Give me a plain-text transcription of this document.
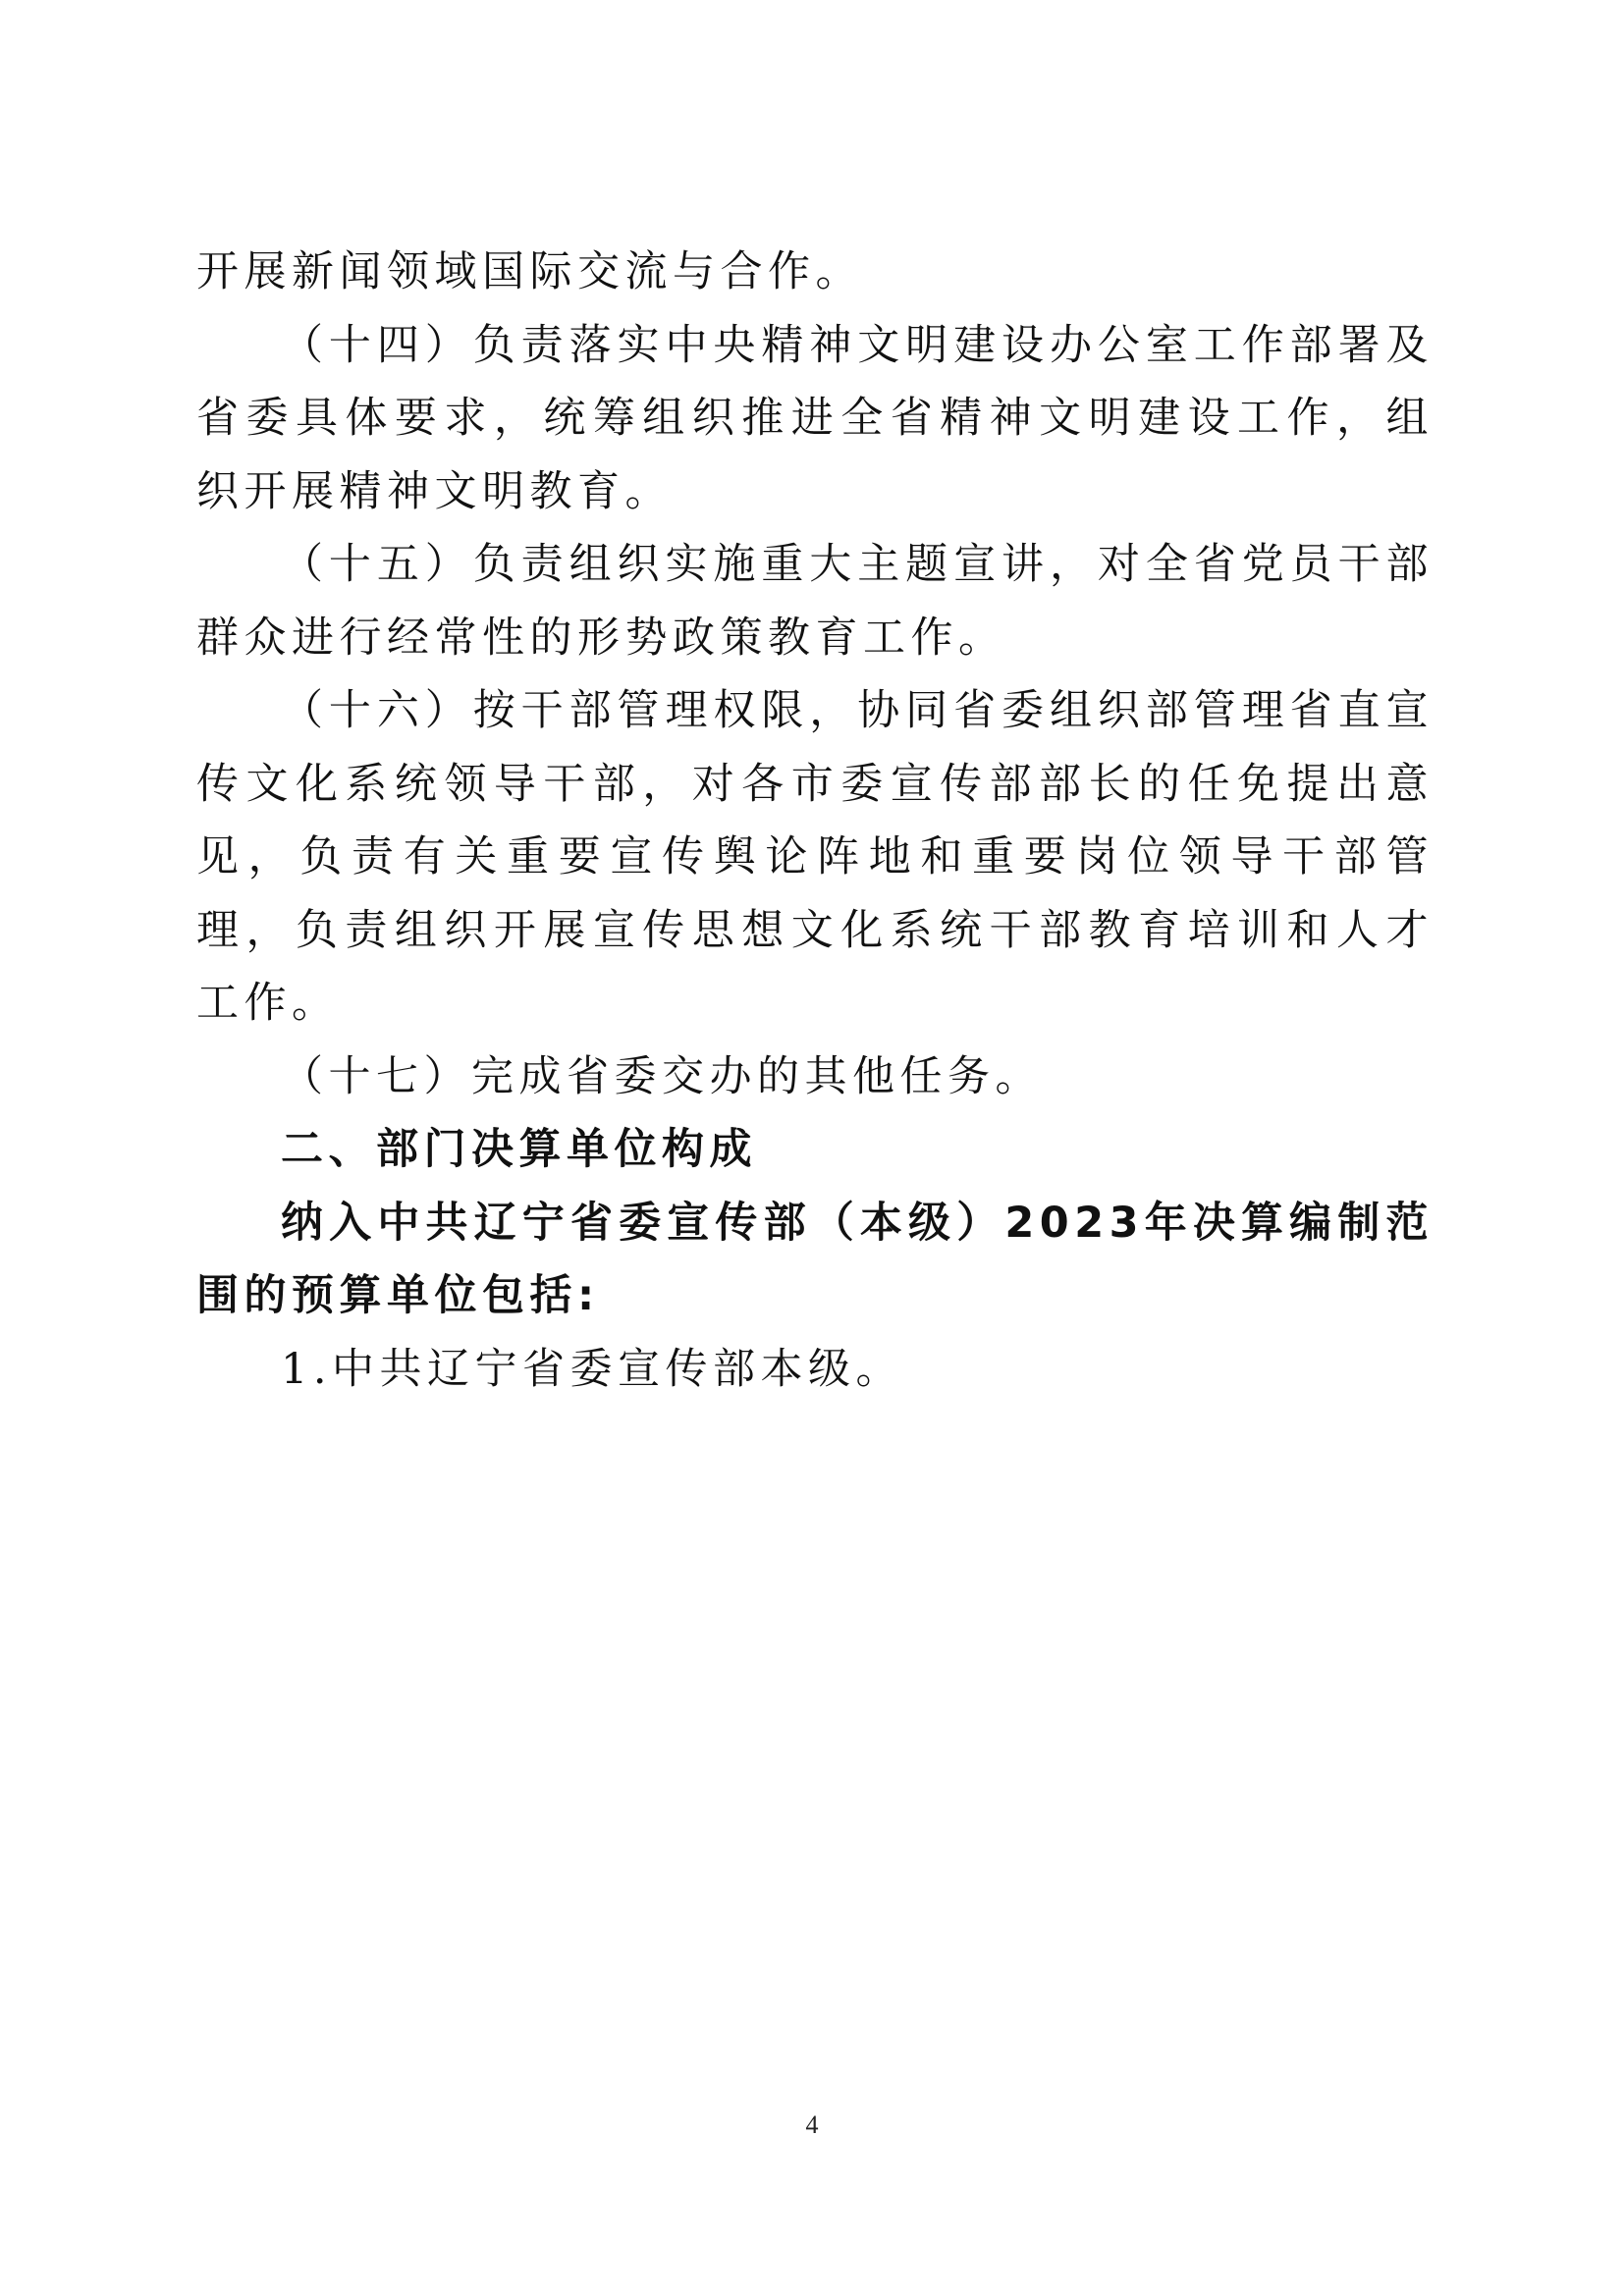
开展新闻领域国际交流与合作。

（十四）负责落实中央精神文明建设办公室工作部署及省委具体要求，统筹组织推进全省精神文明建设工作，组织开展精神文明教育。

（十五）负责组织实施重大主题宣讲，对全省党员干部群众进行经常性的形势政策教育工作。

（十六）按干部管理权限，协同省委组织部管理省直宣传文化系统领导干部，对各市委宣传部部长的任免提出意见，负责有关重要宣传舆论阵地和重要岗位领导干部管理，负责组织开展宣传思想文化系统干部教育培训和人才工作。

（十七）完成省委交办的其他任务。

二、部门决算单位构成

纳入中共辽宁省委宣传部（本级）2023年决算编制范围的预算单位包括:

1.中共辽宁省委宣传部本级。

4
